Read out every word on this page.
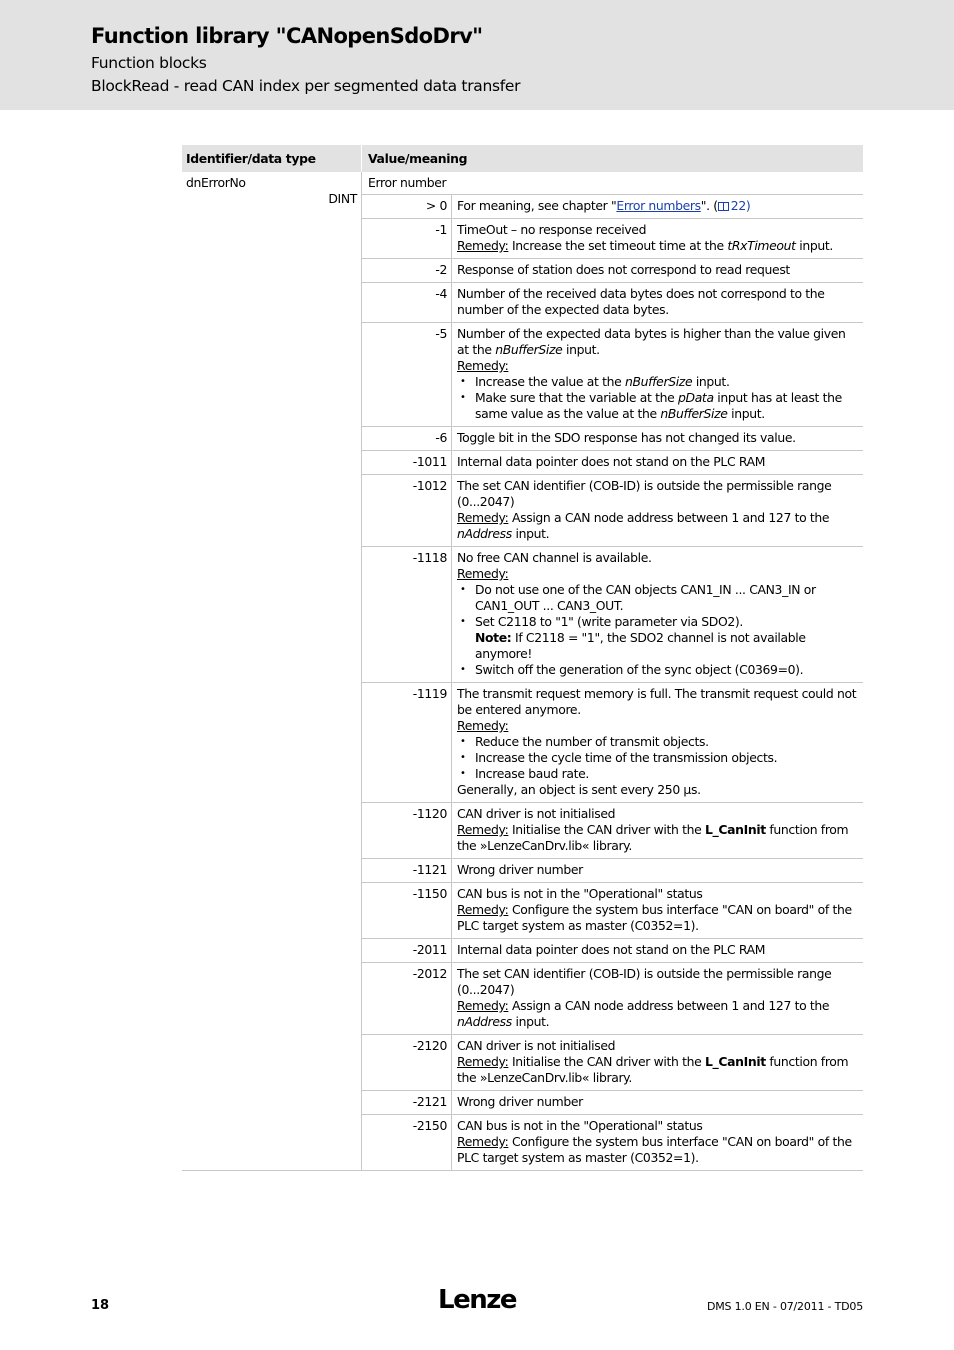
Function library "CANopenSdoDrv"
Function blocks
BlockRead - read CAN index per segmented data transfer
Identifier/data type	Value/meaning
dnErrorNo
DINT
Error number
> 0 For meaning, see chapter "Error numbers". ( 22)
-1 TimeOut – no response received
Remedy: Increase the set timeout time at the tRxTimeout input.
-2 Response of station does not correspond to read request
-4 Number of the received data bytes does not correspond to the number of the expected data bytes.
-5 Number of the expected data bytes is higher than the value given at the nBufferSize input.
Remedy:
• Increase the value at the nBufferSize input.
• Make sure that the variable at the pData input has at least the same value as the value at the nBufferSize input.
-6 Toggle bit in the SDO response has not changed its value.
-1011 Internal data pointer does not stand on the PLC RAM
-1012 The set CAN identifier (COB-ID) is outside the permissible range (0...2047)
Remedy: Assign a CAN node address between 1 and 127 to the nAddress input.
-1118 No free CAN channel is available.
Remedy:
• Do not use one of the CAN objects CAN1_IN ... CAN3_IN or CAN1_OUT ... CAN3_OUT.
• Set C2118 to "1" (write parameter via SDO2).
Note: If C2118 = "1", the SDO2 channel is not available anymore!
• Switch off the generation of the sync object (C0369=0).
-1119 The transmit request memory is full. The transmit request could not be entered anymore.
Remedy:
• Reduce the number of transmit objects.
• Increase the cycle time of the transmission objects.
• Increase baud rate.
Generally, an object is sent every 250 µs.
-1120 CAN driver is not initialised
Remedy: Initialise the CAN driver with the L_CanInit function from the »LenzeCanDrv.lib« library.
-1121 Wrong driver number
-1150 CAN bus is not in the "Operational" status
Remedy: Configure the system bus interface "CAN on board" of the PLC target system as master (C0352=1).
-2011 Internal data pointer does not stand on the PLC RAM
-2012 The set CAN identifier (COB-ID) is outside the permissible range (0...2047)
Remedy: Assign a CAN node address between 1 and 127 to the nAddress input.
-2120 CAN driver is not initialised
Remedy: Initialise the CAN driver with the L_CanInit function from the »LenzeCanDrv.lib« library.
-2121 Wrong driver number
-2150 CAN bus is not in the "Operational" status
Remedy: Configure the system bus interface "CAN on board" of the PLC target system as master (C0352=1).
18	Lenze	DMS 1.0 EN - 07/2011 - TD05
